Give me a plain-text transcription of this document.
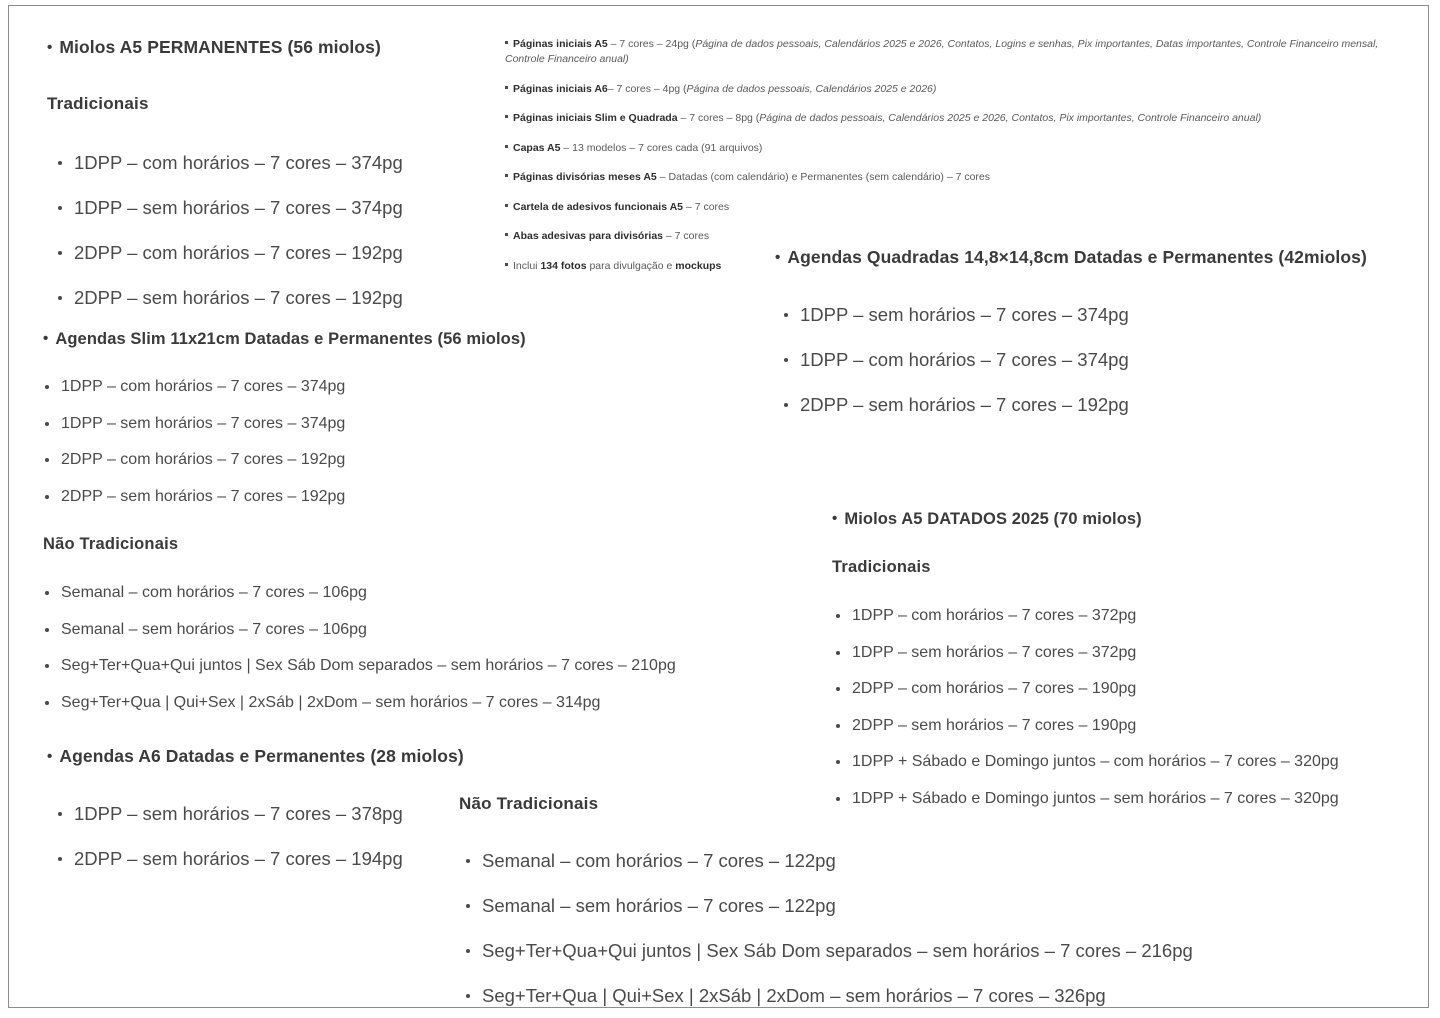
• Miolos A5 PERMANENTES (56 miolos)
Tradicionais
1DPP – com horários – 7 cores – 374pg
1DPP – sem horários – 7 cores – 374pg
2DPP – com horários – 7 cores – 192pg
2DPP – sem horários – 7 cores – 192pg
• Agendas Slim 11x21cm Datadas e Permanentes (56 miolos)
1DPP – com horários – 7 cores – 374pg
1DPP – sem horários – 7 cores – 374pg
2DPP – com horários – 7 cores – 192pg
2DPP – sem horários – 7 cores – 192pg
Não Tradicionais
Semanal – com horários – 7 cores – 106pg
Semanal – sem horários – 7 cores – 106pg
Seg+Ter+Qua+Qui juntos | Sex Sáb Dom separados – sem horários – 7 cores – 210pg
Seg+Ter+Qua | Qui+Sex | 2xSáb | 2xDom – sem horários – 7 cores – 314pg
• Agendas A6 Datadas e Permanentes (28 miolos)
1DPP – sem horários – 7 cores – 378pg
2DPP – sem horários – 7 cores – 194pg
Páginas iniciais A5 – 7 cores – 24pg (Página de dados pessoais, Calendários 2025 e 2026, Contatos, Logins e senhas, Pix importantes, Datas importantes, Controle Financeiro mensal, Controle Financeiro anual)
Páginas iniciais A6– 7 cores – 4pg (Página de dados pessoais, Calendários 2025 e 2026)
Páginas iniciais Slim e Quadrada – 7 cores – 8pg (Página de dados pessoais, Calendários 2025 e 2026, Contatos, Pix importantes, Controle Financeiro anual)
Capas A5 – 13 modelos – 7 cores cada (91 arquivos)
Páginas divisórias meses A5 – Datadas (com calendário) e Permanentes (sem calendário) – 7 cores
Cartela de adesivos funcionais A5 – 7 cores
Abas adesivas para divisórias – 7 cores
Inclui 134 fotos para divulgação e mockups
Não Tradicionais
Semanal – com horários – 7 cores – 122pg
Semanal – sem horários – 7 cores – 122pg
Seg+Ter+Qua+Qui juntos | Sex Sáb Dom separados – sem horários – 7 cores – 216pg
Seg+Ter+Qua | Qui+Sex | 2xSáb | 2xDom – sem horários – 7 cores – 326pg
• Agendas Quadradas 14,8×14,8cm Datadas e Permanentes (42miolos)
1DPP – sem horários – 7 cores – 374pg
1DPP – com horários – 7 cores – 374pg
2DPP – sem horários – 7 cores – 192pg
• Miolos A5 DATADOS 2025 (70 miolos)
Tradicionais
1DPP – com horários – 7 cores – 372pg
1DPP – sem horários – 7 cores – 372pg
2DPP – com horários – 7 cores – 190pg
2DPP – sem horários – 7 cores – 190pg
1DPP + Sábado e Domingo juntos – com horários – 7 cores – 320pg
1DPP + Sábado e Domingo juntos – sem horários – 7 cores – 320pg
